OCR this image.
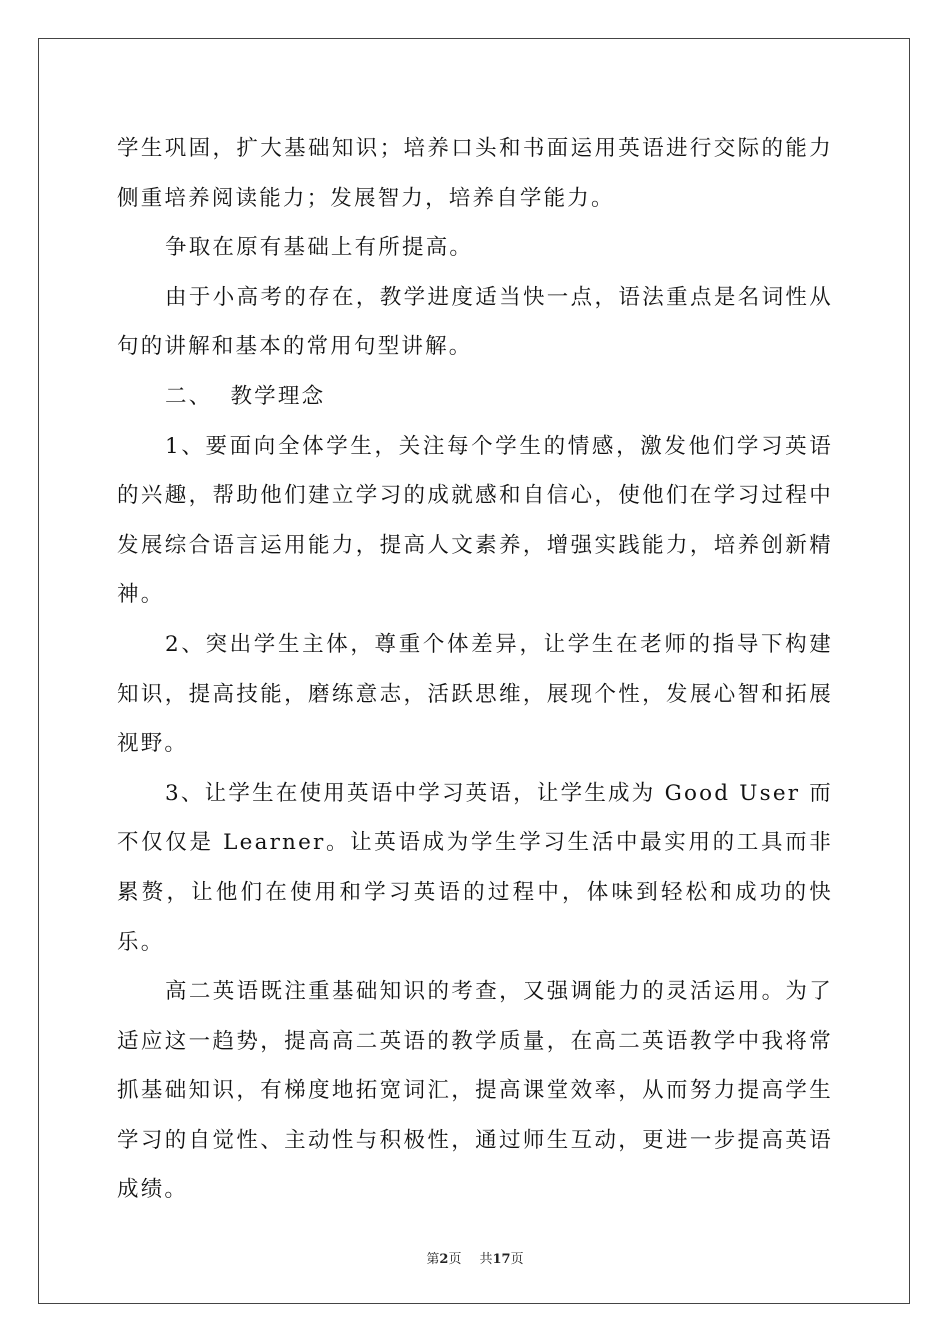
学生巩固，扩大基础知识；培养口头和书面运用英语进行交际的能力侧重培养阅读能力；发展智力，培养自学能力。

争取在原有基础上有所提高。

由于小高考的存在，教学进度适当快一点，语法重点是名词性从句的讲解和基本的常用句型讲解。

二、  教学理念

1、要面向全体学生，关注每个学生的情感，激发他们学习英语的兴趣，帮助他们建立学习的成就感和自信心，使他们在学习过程中发展综合语言运用能力，提高人文素养，增强实践能力，培养创新精神。

2、突出学生主体，尊重个体差异，让学生在老师的指导下构建知识，提高技能，磨练意志，活跃思维，展现个性，发展心智和拓展视野。

3、让学生在使用英语中学习英语，让学生成为 Good User 而不仅仅是 Learner。让英语成为学生学习生活中最实用的工具而非累赘，让他们在使用和学习英语的过程中，体味到轻松和成功的快乐。

高二英语既注重基础知识的考查，又强调能力的灵活运用。为了适应这一趋势，提高高二英语的教学质量，在高二英语教学中我将常抓基础知识，有梯度地拓宽词汇，提高课堂效率，从而努力提高学生学习的自觉性、主动性与积极性，通过师生互动，更进一步提高英语成绩。

第2页 共17页
